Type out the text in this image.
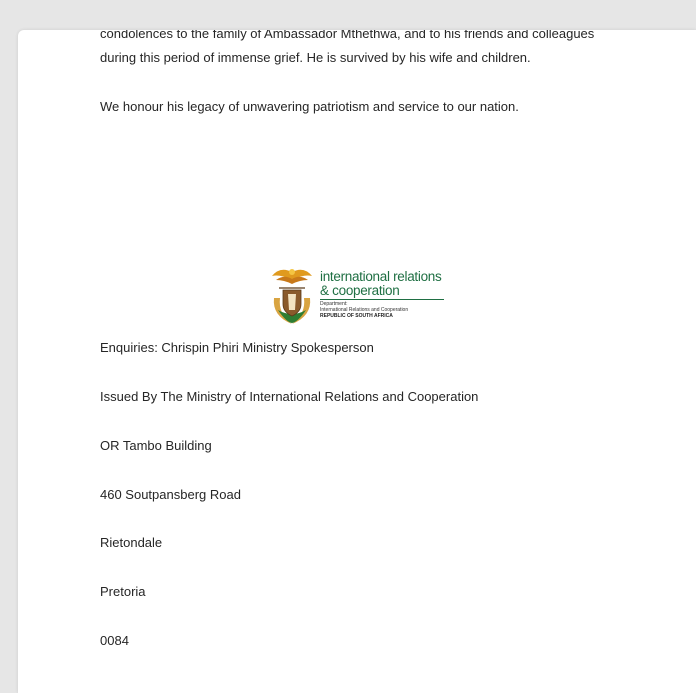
condolences to the family of Ambassador Mthethwa, and to his friends and colleagues
during this period of immense grief. He is survived by his wife and children.
We honour his legacy of unwavering patriotism and service to our nation.
international relations
& cooperation
Department:
International Relations and Cooperation
REPUBLIC OF SOUTH AFRICA
Enquiries: Chrispin Phiri Ministry Spokesperson
Issued By The Ministry of International Relations and Cooperation
OR Tambo Building
460 Soutpansberg Road
Rietondale
Pretoria
0084
